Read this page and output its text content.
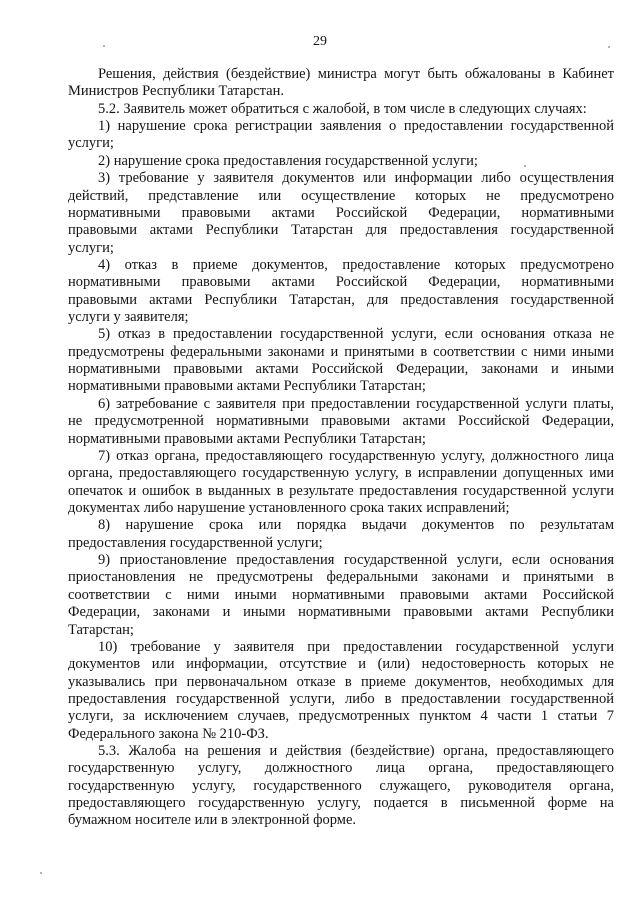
29
Решения, действия (бездействие) министра могут быть обжалованы в Кабинет
Министров Республики Татарстан.
5.2. Заявитель может обратиться с жалобой, в том числе в следующих случаях:
1) нарушение срока регистрации заявления о предоставлении государственной
услуги;
2) нарушение срока предоставления государственной услуги;
3) требование у заявителя документов или информации либо осуществления
действий, представление или осуществление которых не предусмотрено
нормативными правовыми актами Российской Федерации, нормативными
правовыми актами Республики Татарстан для предоставления государственной
услуги;
4) отказ в приеме документов, предоставление которых предусмотрено
нормативными правовыми актами Российской Федерации, нормативными
правовыми актами Республики Татарстан, для предоставления государственной
услуги у заявителя;
5) отказ в предоставлении государственной услуги, если основания отказа не
предусмотрены федеральными законами и принятыми в соответствии с ними иными
нормативными правовыми актами Российской Федерации, законами и иными
нормативными правовыми актами Республики Татарстан;
6) затребование с заявителя при предоставлении государственной услуги платы,
не предусмотренной нормативными правовыми актами Российской Федерации,
нормативными правовыми актами Республики Татарстан;
7) отказ органа, предоставляющего государственную услугу, должностного лица
органа, предоставляющего государственную услугу, в исправлении допущенных ими
опечаток и ошибок в выданных в результате предоставления государственной услуги
документах либо нарушение установленного срока таких исправлений;
8) нарушение срока или порядка выдачи документов по результатам
предоставления государственной услуги;
9) приостановление предоставления государственной услуги, если основания
приостановления не предусмотрены федеральными законами и принятыми в
соответствии с ними иными нормативными правовыми актами Российской
Федерации, законами и иными нормативными правовыми актами Республики
Татарстан;
10) требование у заявителя при предоставлении государственной услуги
документов или информации, отсутствие и (или) недостоверность которых не
указывались при первоначальном отказе в приеме документов, необходимых для
предоставления государственной услуги, либо в предоставлении государственной
услуги, за исключением случаев, предусмотренных пунктом 4 части 1 статьи 7
Федерального закона № 210-ФЗ.
5.3. Жалоба на решения и действия (бездействие) органа, предоставляющего
государственную услугу, должностного лица органа, предоставляющего
государственную услугу, государственного служащего, руководителя органа,
предоставляющего государственную услугу, подается в письменной форме на
бумажном носителе или в электронной форме.
